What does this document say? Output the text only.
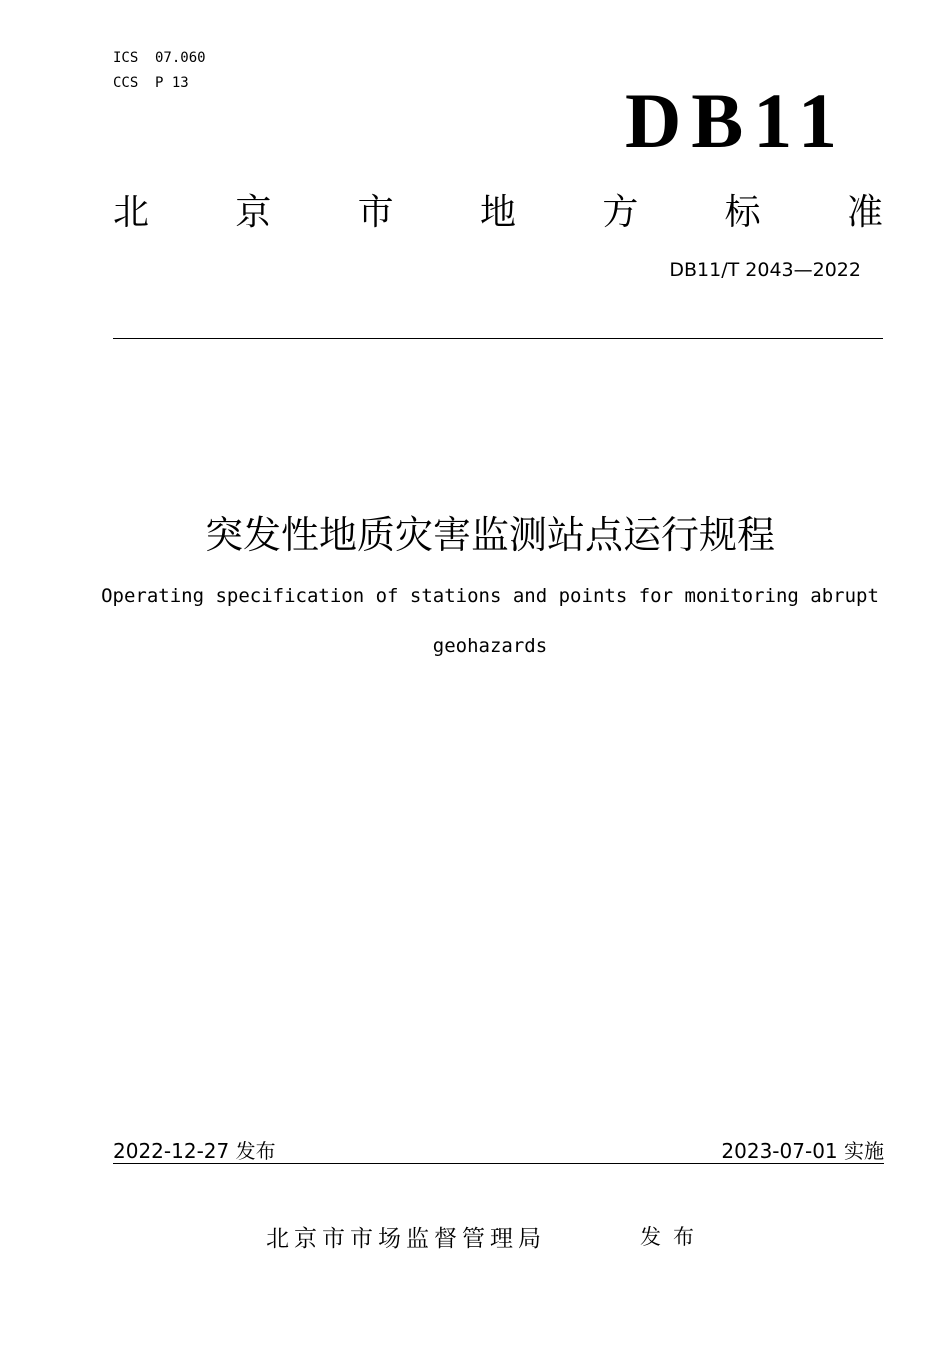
ICS 07.060
CCS P 13	DB11
北 京 市 地 方 标 准
DB11/T 2043—2022
突发性地质灾害监测站点运行规程
Operating specification of stations and points for monitoring abrupt
geohazards
2022-12-27 发布	2023-07-01 实施
北京市市场监督管理局	发布
